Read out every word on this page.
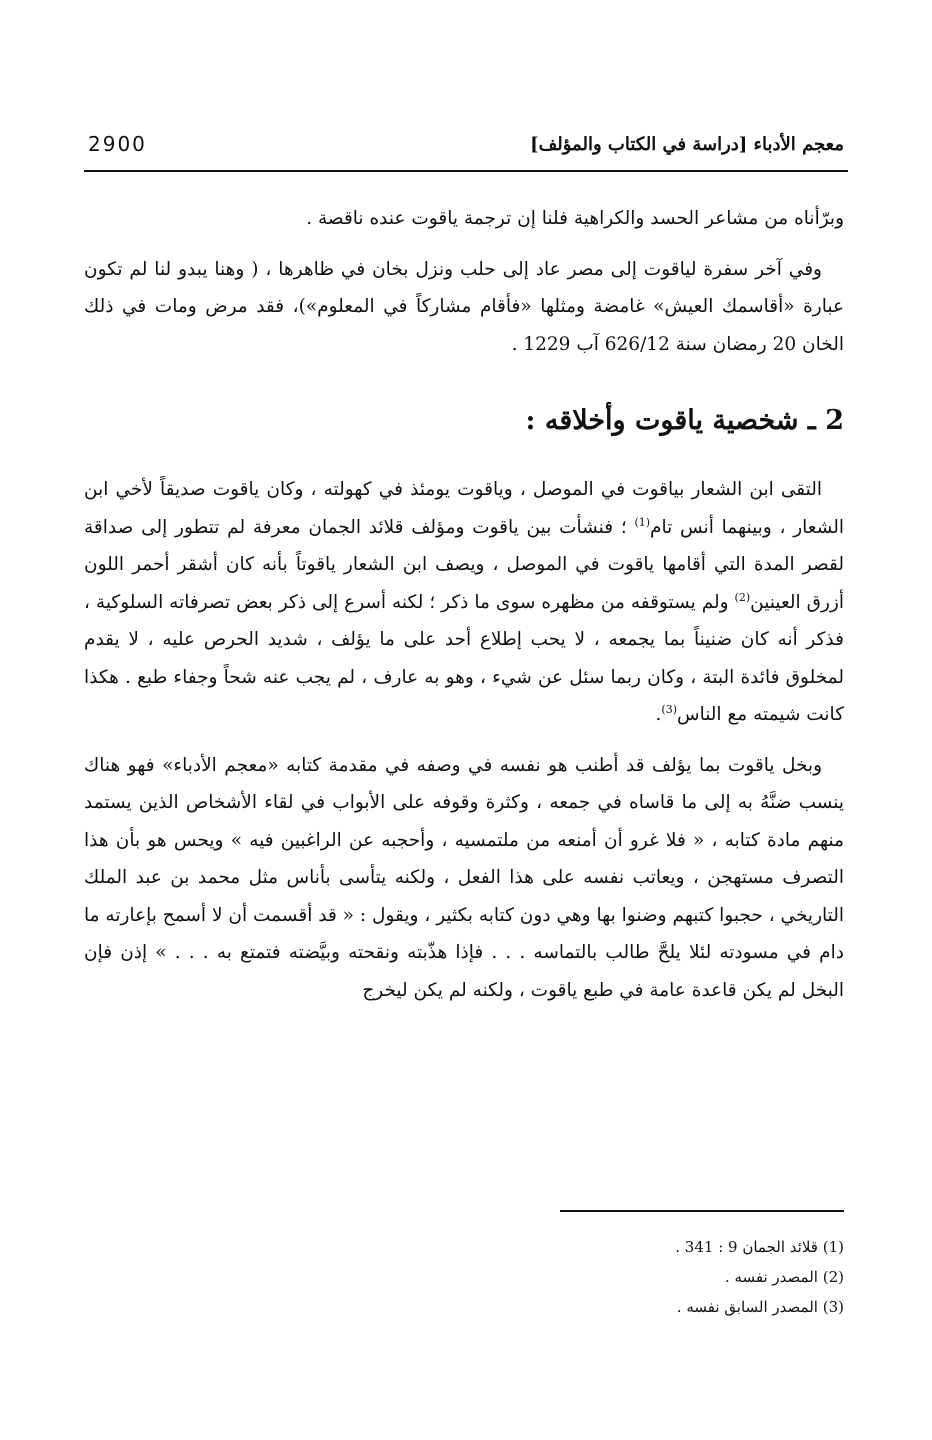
2900	معجم الأدباء [دراسة في الكتاب والمؤلف]

وبرّأناه من مشاعر الحسد والكراهية فلنا إن ترجمة ياقوت عنده ناقصة .

وفي آخر سفرة لياقوت إلى مصر عاد إلى حلب ونزل بخان في ظاهرها ، ( وهنا يبدو لنا لم تكون عبارة «أقاسمك العيش» غامضة ومثلها «فأقام مشاركاً في المعلوم»)، فقد مرض ومات في ذلك الخان 20 رمضان سنة 626/12 آب 1229 .

2 ـ شخصية ياقوت وأخلاقه :

التقى ابن الشعار بياقوت في الموصل ، وياقوت يومئذ في كهولته ، وكان ياقوت صديقاً لأخي ابن الشعار ، وبينهما أنس تام$^{(1)}$ ؛ فنشأت بين ياقوت ومؤلف قلائد الجمان معرفة لم تتطور إلى صداقة لقصر المدة التي أقامها ياقوت في الموصل ، ويصف ابن الشعار ياقوتاً بأنه كان أشقر أحمر اللون أزرق العينين$^{(2)}$ ولم يستوقفه من مظهره سوى ما ذكر ؛ لكنه أسرع إلى ذكر بعض تصرفاته السلوكية ، فذكر أنه كان ضنيناً بما يجمعه ، لا يحب إطلاع أحد على ما يؤلف ، شديد الحرص عليه ، لا يقدم لمخلوق فائدة البتة ، وكان ربما سئل عن شيء ، وهو به عارف ، لم يجب عنه شحاً وجفاء طبع . هكذا كانت شيمته مع الناس$^{(3)}$.

وبخل ياقوت بما يؤلف قد أطنب هو نفسه في وصفه في مقدمة كتابه «معجم الأدباء» فهو هناك ينسب ضنَّهُ به إلى ما قاساه في جمعه ، وكثرة وقوفه على الأبواب في لقاء الأشخاص الذين يستمد منهم مادة كتابه ، « فلا غرو أن أمنعه من ملتمسيه ، وأحجبه عن الراغبين فيه » ويحس هو بأن هذا التصرف مستهجن ، ويعاتب نفسه على هذا الفعل ، ولكنه يتأسى بأناس مثل محمد بن عبد الملك التاريخي ، حجبوا كتبهم وضنوا بها وهي دون كتابه بكثير ، ويقول : « قد أقسمت أن لا أسمح بإعارته ما دام في مسودته لئلا يلحَّ طالب بالتماسه . . . فإذا هذّبته ونقحته وبيَّضته فتمتع به . . . » إذن فإن البخل لم يكن قاعدة عامة في طبع ياقوت ، ولكنه لم يكن ليخرج

(1) قلائد الجمان 9 : 341 .
(2) المصدر نفسه .
(3) المصدر السابق نفسه .
